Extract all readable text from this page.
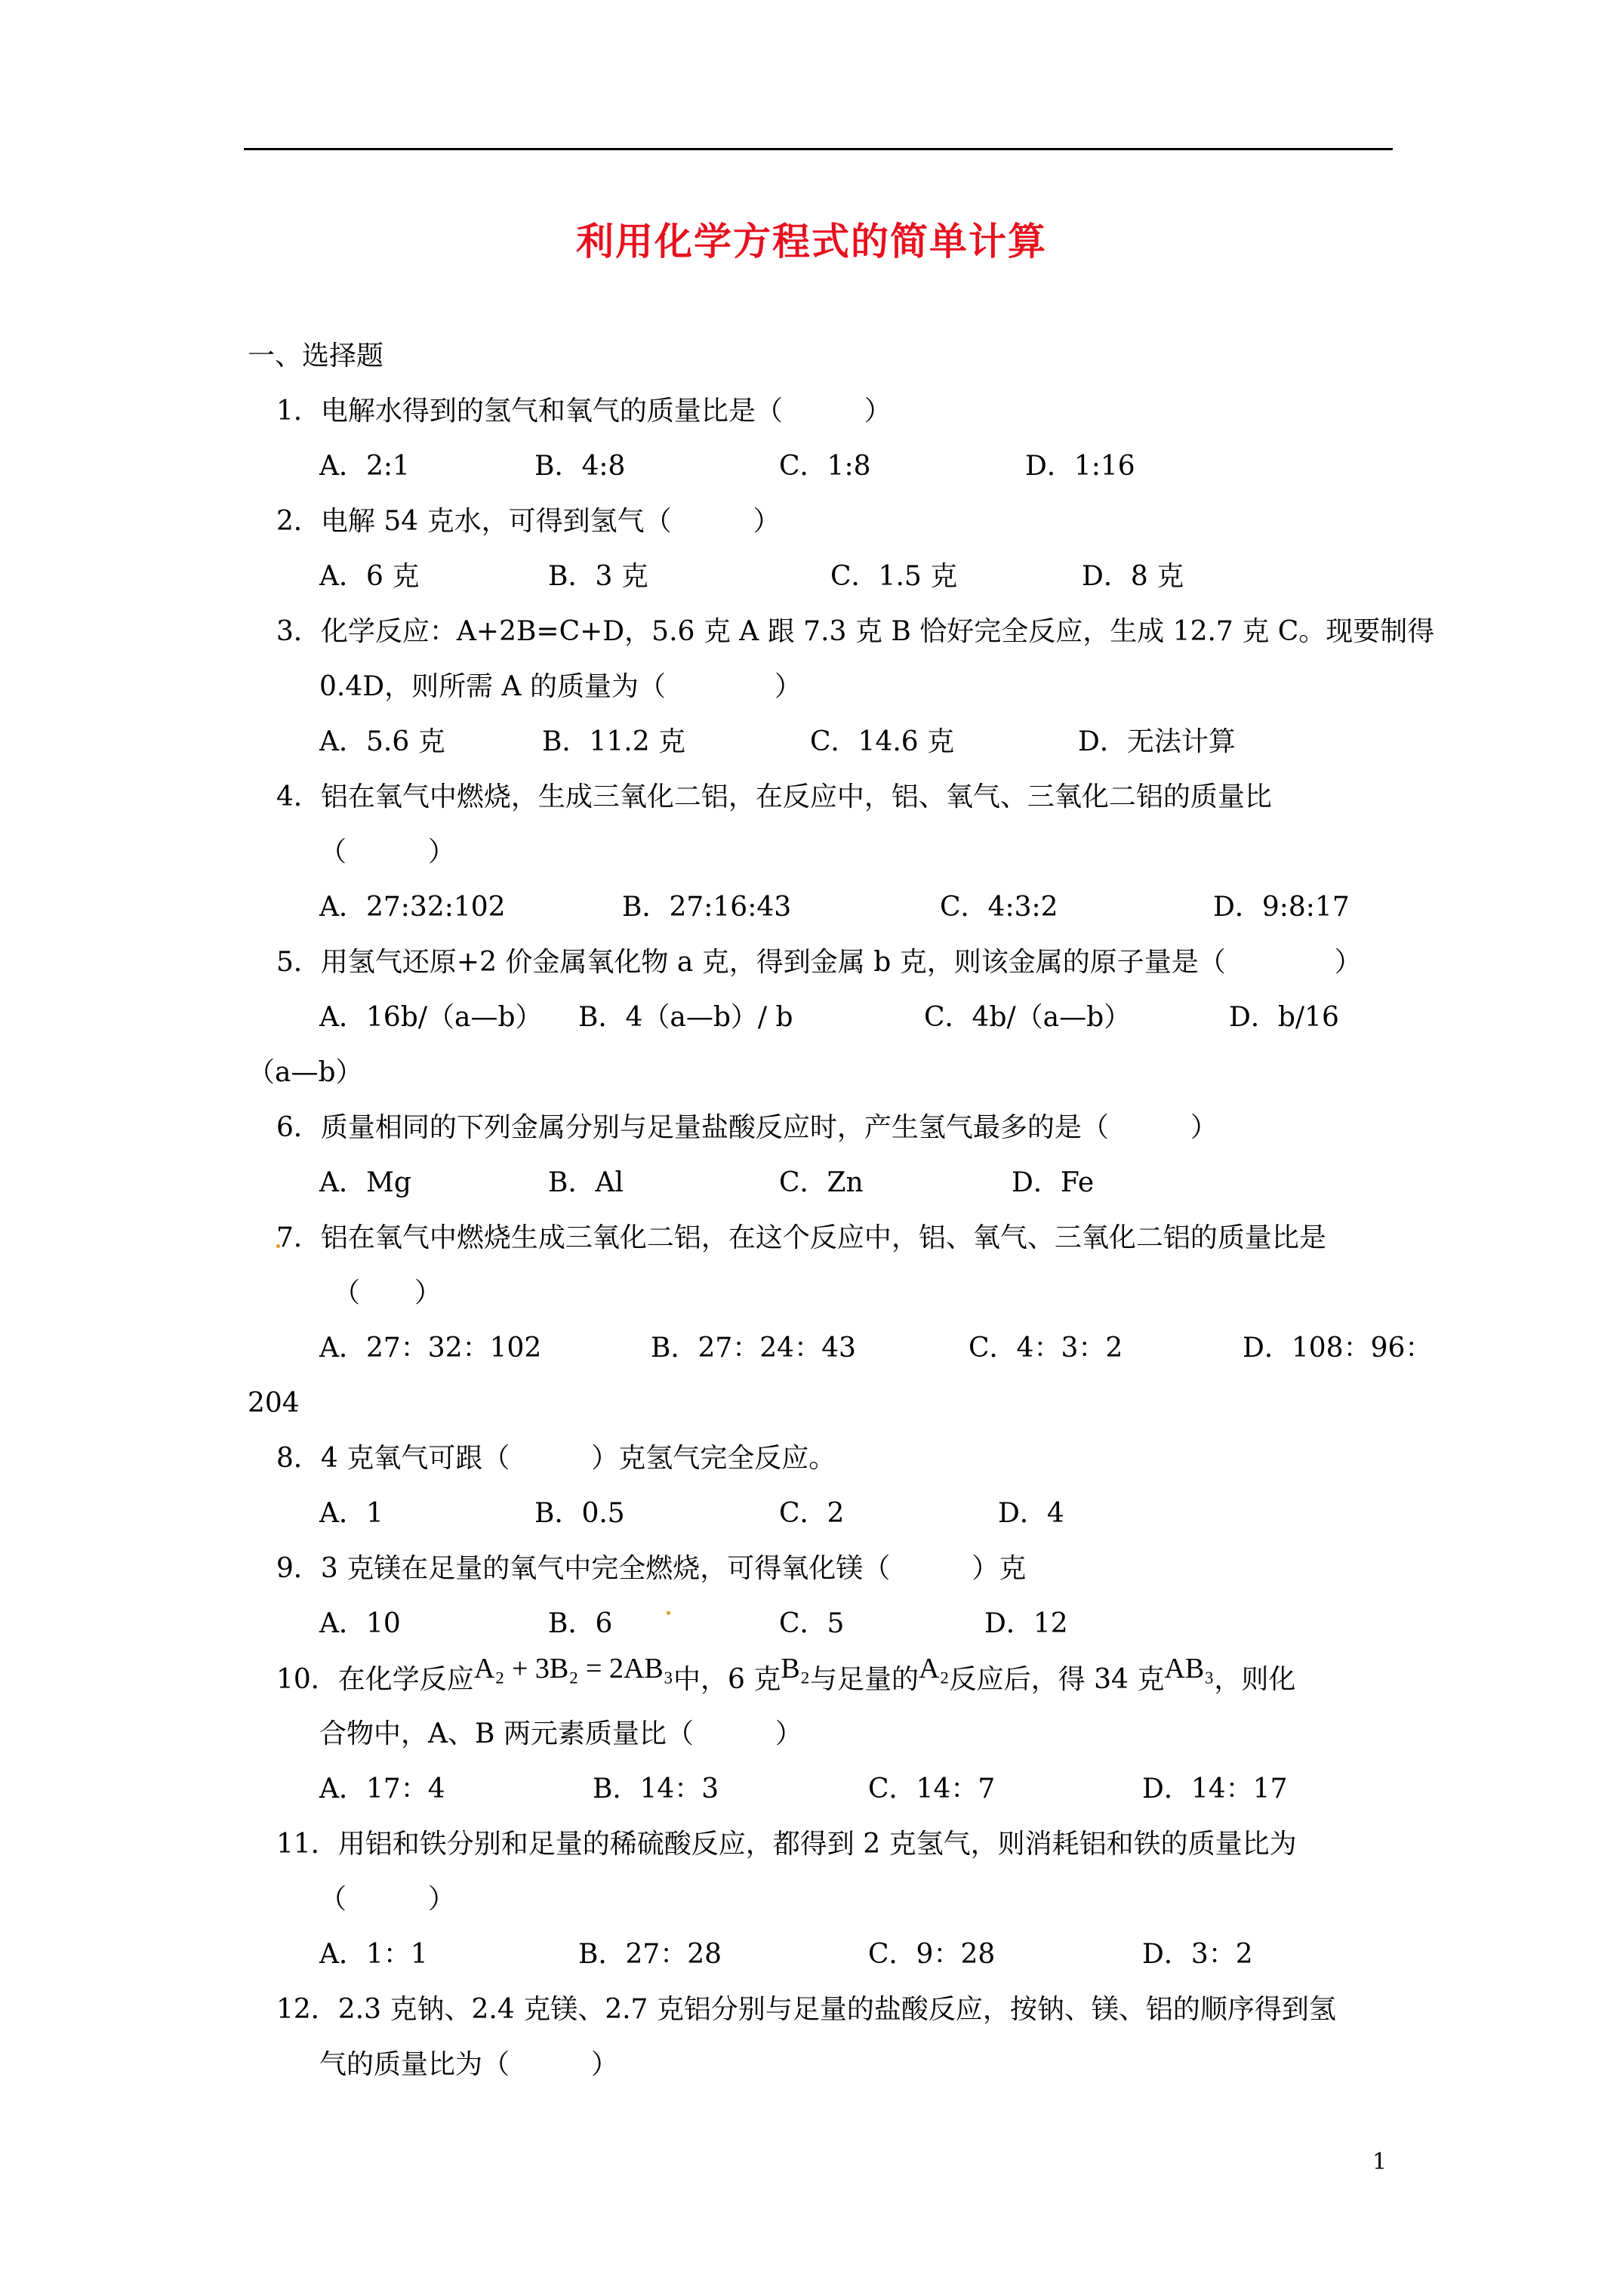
利用化学方程式的简单计算
一、选择题
1．电解水得到的氢气和氧气的质量比是（　　　）
A．2:1	B．4:8	C．1:8	D．1:16
2．电解 54 克水，可得到氢气（　　　）
A．6 克	B．3 克	C．1.5 克	D．8 克
3．化学反应：A+2B=C+D，5.6 克 A 跟 7.3 克 B 恰好完全反应，生成 12.7 克 C。现要制得
0.4D，则所需 A 的质量为（　　　　）
A．5.6 克	B．11.2 克	C．14.6 克	D．无法计算
4．铝在氧气中燃烧，生成三氧化二铝，在反应中，铝、氧气、三氧化二铝的质量比
（　　　）
A．27:32:102	B．27:16:43	C．4:3:2	D．9:8:17
5．用氢气还原+2 价金属氧化物 a 克，得到金属 b 克，则该金属的原子量是（　　　　）
A．16b/（a—b） B．4（a—b）/ b	C．4b/（a—b）	D．b/16
（a—b）
6．质量相同的下列金属分别与足量盐酸反应时，产生氢气最多的是（　　　）
A．Mg	B．Al	C．Zn	D．Fe
7．铝在氧气中燃烧生成三氧化二铝，在这个反应中，铝、氧气、三氧化二铝的质量比是
（　　）
A．27：32：102	B．27：24：43	C．4：3：2	D．108：96：
204
8．4 克氧气可跟（　　　）克氢气完全反应。
A．1	B．0.5	C．2	D．4
9．3 克镁在足量的氧气中完全燃烧，可得氧化镁（　　　）克
A．10	B．6	C．5	D．12
10．在化学反应A₂ + 3B₂ = 2AB₃中，6 克B₂与足量的A₂反应后，得 34 克AB₃，则化
合物中，A、B 两元素质量比（　　　）
A．17：4	B．14：3	C．14：7	D．14：17
11．用铝和铁分别和足量的稀硫酸反应，都得到 2 克氢气，则消耗铝和铁的质量比为
（　　　）
A．1：1	B．27：28	C．9：28	D．3：2
12．2.3 克钠、2.4 克镁、2.7 克铝分别与足量的盐酸反应，按钠、镁、铝的顺序得到氢
气的质量比为（　　　）
1
